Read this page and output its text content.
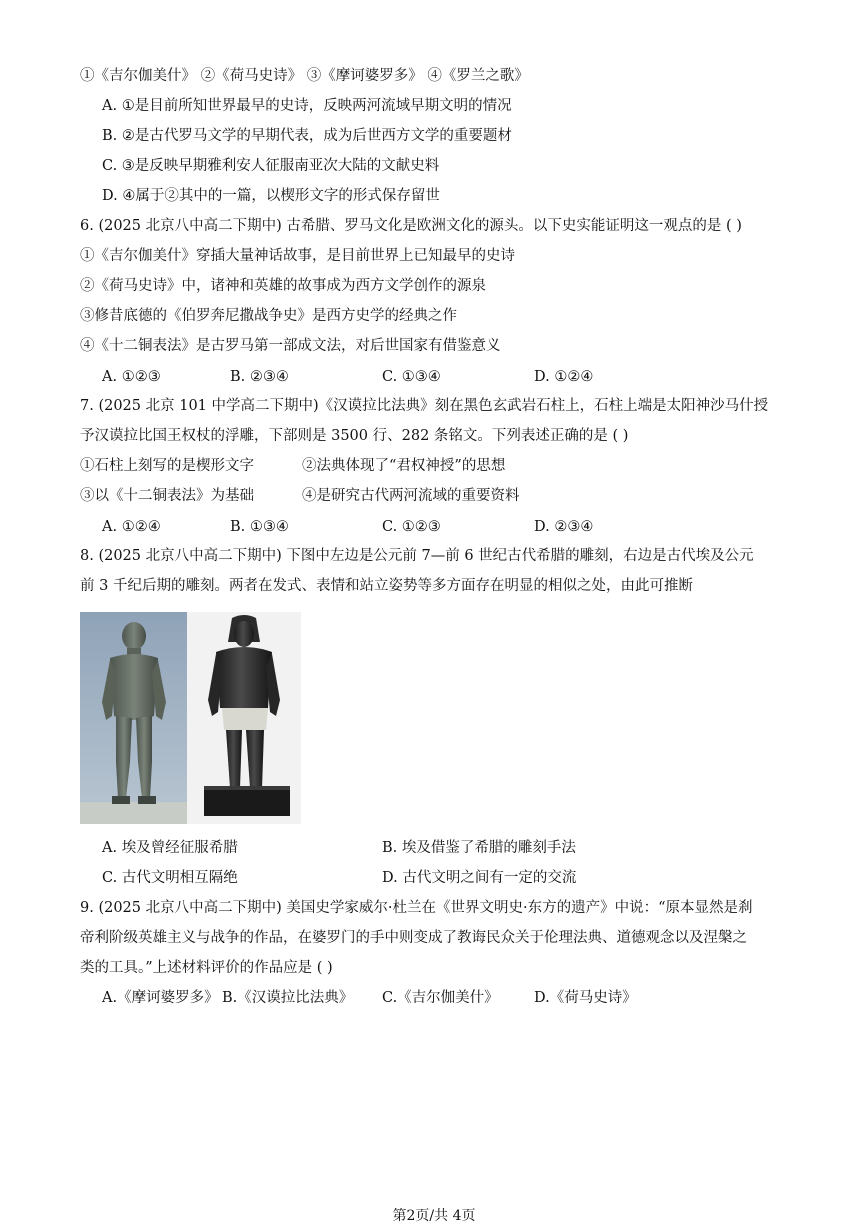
①《吉尔伽美什》 ②《荷马史诗》 ③《摩诃婆罗多》 ④《罗兰之歌》
A. ①是目前所知世界最早的史诗，反映两河流域早期文明的情况
B. ②是古代罗马文学的早期代表，成为后世西方文学的重要题材
C. ③是反映早期雅利安人征服南亚次大陆的文献史料
D. ④属于②其中的一篇，以楔形文字的形式保存留世
6. (2025 北京八中高二下期中) 古希腊、罗马文化是欧洲文化的源头。以下史实能证明这一观点的是 ( )
①《吉尔伽美什》穿插大量神话故事，是目前世界上已知最早的史诗
②《荷马史诗》中，诸神和英雄的故事成为西方文学创作的源泉
③修昔底德的《伯罗奔尼撒战争史》是西方史学的经典之作
④《十二铜表法》是古罗马第一部成文法，对后世国家有借鉴意义
A. ①②③	B. ②③④	C. ①③④	D. ①②④
7. (2025 北京 101 中学高二下期中)《汉谟拉比法典》刻在黑色玄武岩石柱上，石柱上端是太阳神沙马什授
予汉谟拉比国王权杖的浮雕，下部则是 3500 行、282 条铭文。下列表述正确的是 ( )
①石柱上刻写的是楔形文字	②法典体现了“君权神授”的思想
③以《十二铜表法》为基础	④是研究古代两河流域的重要资料
A. ①②④	B. ①③④	C. ①②③	D. ②③④
8. (2025 北京八中高二下期中) 下图中左边是公元前 7—前 6 世纪古代希腊的雕刻，右边是古代埃及公元
前 3 千纪后期的雕刻。两者在发式、表情和站立姿势等多方面存在明显的相似之处，由此可推断
A. 埃及曾经征服希腊	B. 埃及借鉴了希腊的雕刻手法
C. 古代文明相互隔绝	D. 古代文明之间有一定的交流
9. (2025 北京八中高二下期中) 美国史学家威尔·杜兰在《世界文明史·东方的遗产》中说：“原本显然是刹
帝利阶级英雄主义与战争的作品，在婆罗门的手中则变成了教诲民众关于伦理法典、道德观念以及涅槃之
类的工具。”上述材料评价的作品应是 ( )
A.《摩诃婆罗多》 B.《汉谟拉比法典》 C.《吉尔伽美什》 D.《荷马史诗》
第2页/共 4页
